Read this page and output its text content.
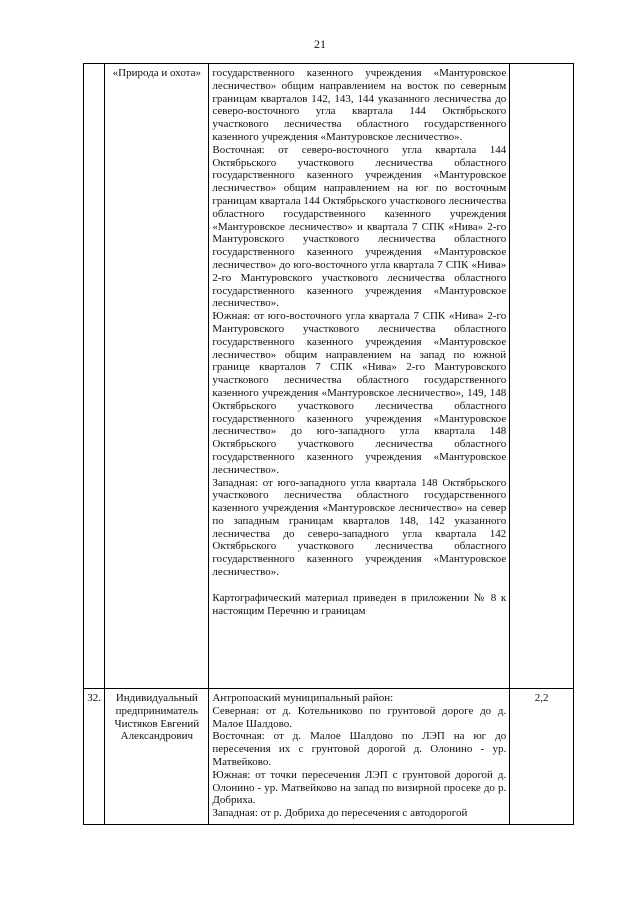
21

	«Природа и охота»	государственного казенного учреждения «Мантуровское лесничество» общим направлением на восток по северным границам кварталов 142, 143, 144 указанного лесничества до северо-восточного угла квартала 144 Октябрьского участкового лесничества областного государственного казенного учреждения «Мантуровское лесничество».

Восточная: от северо-восточного угла квартала 144 Октябрьского участкового лесничества областного государственного казенного учреждения «Мантуровское лесничество» общим направлением на юг по восточным границам квартала 144 Октябрьского участкового лесничества областного государственного казенного учреждения «Мантуровское лесничество» и квартала 7 СПК «Нива» 2-го Мантуровского участкового лесничества областного государственного казенного учреждения «Мантуровское лесничество» до юго-восточного угла квартала 7 СПК «Нива» 2-го Мантуровского участкового лесничества областного государственного казенного учреждения «Мантуровское лесничество».

Южная: от юго-восточного угла квартала 7 СПК «Нива» 2-го Мантуровского участкового лесничества областного государственного казенного учреждения «Мантуровское лесничество» общим направлением на запад по южной границе кварталов 7 СПК «Нива» 2-го Мантуровского участкового лесничества областного государственного казенного учреждения «Мантуровское лесничество», 149, 148 Октябрьского участкового лесничества областного государственного казенного учреждения «Мантуровское лесничество» до юго-западного угла квартала 148 Октябрьского участкового лесничества областного государственного казенного учреждения «Мантуровское лесничество».

Западная: от юго-западного угла квартала 148 Октябрьского участкового лесничества областного государственного казенного учреждения «Мантуровское лесничество» на север по западным границам кварталов 148, 142 указанного лесничества до северо-западного угла квартала 142 Октябрьского участкового лесничества областного государственного казенного учреждения «Мантуровское лесничество».

Картографический материал приведен в приложении № 8 к настоящим Перечню и границам	

32.	Индивидуальный предприниматель Чистяков Евгений Александрович	Антропоаский муниципальный район:

Северная: от д. Котельниково по грунтовой дороге до д. Малое Шалдово.

Восточная: от д. Малое Шалдово по ЛЭП на юг до пересечения их с грунтовой дорогой д. Олонино - ур. Матвейково.

Южная: от точки пересечения ЛЭП с грунтовой дорогой д. Олонино - ур. Матвейково на запад по визирной просеке до р. Добриха.

Западная: от р. Добриха до пересечения с автодорогой	2,2
